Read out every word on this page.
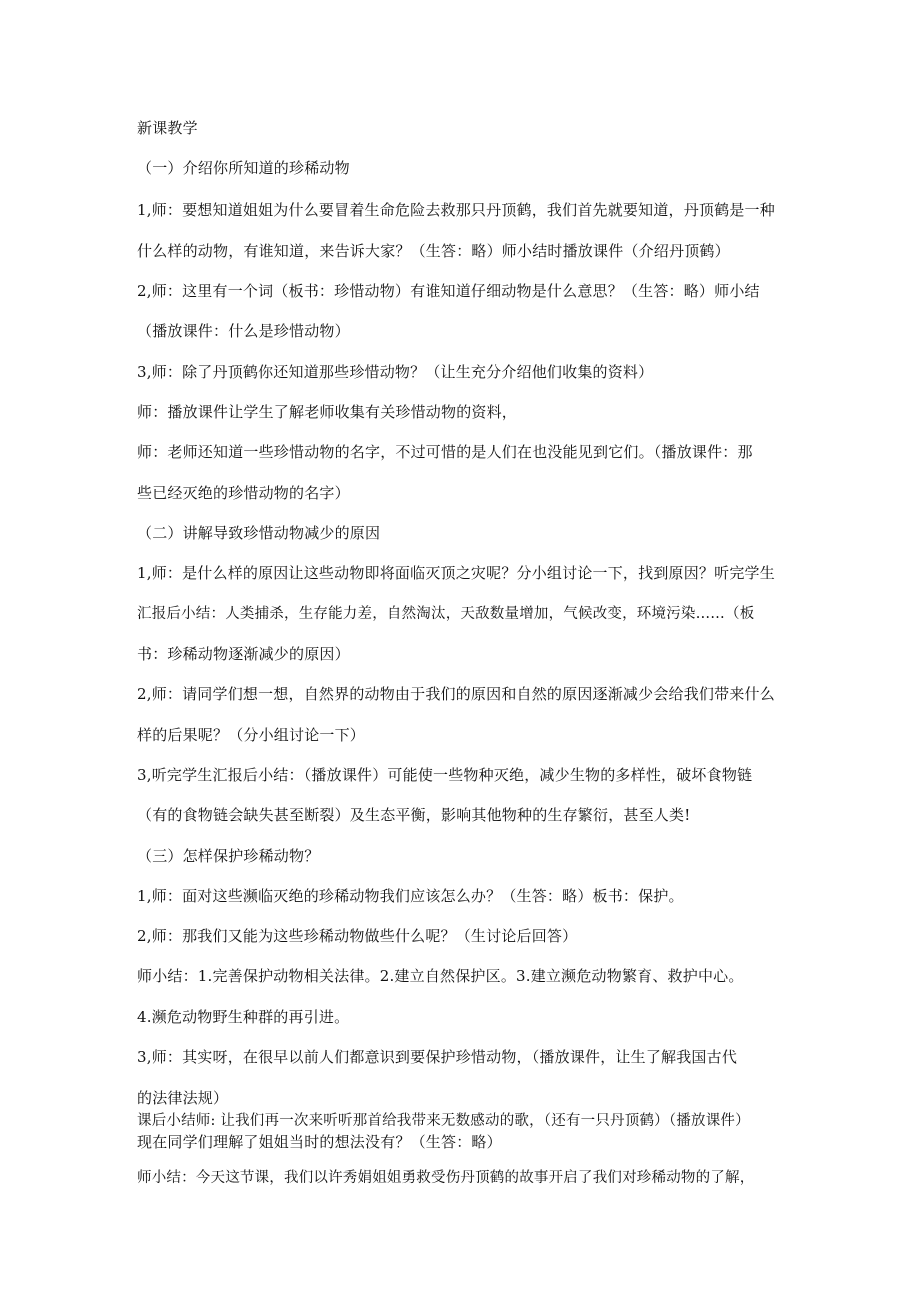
新课教学
（一）介绍你所知道的珍稀动物
1,师：要想知道姐姐为什么要冒着生命危险去救那只丹顶鹤，我们首先就要知道，丹顶鹤是一种
什么样的动物，有谁知道，来告诉大家？（生答：略）师小结时播放课件（介绍丹顶鹤）
2,师：这里有一个词（板书：珍惜动物）有谁知道仔细动物是什么意思？（生答：略）师小结
（播放课件：什么是珍惜动物）
3,师：除了丹顶鹤你还知道那些珍惜动物？（让生充分介绍他们收集的资料）
师：播放课件让学生了解老师收集有关珍惜动物的资料，
师：老师还知道一些珍惜动物的名字，不过可惜的是人们在也没能见到它们。（播放课件：那
些已经灭绝的珍惜动物的名字）
（二）讲解导致珍惜动物减少的原因
1,师：是什么样的原因让这些动物即将面临灭顶之灾呢？分小组讨论一下，找到原因？听完学生
汇报后小结：人类捕杀，生存能力差，自然淘汰，天敌数量增加，气候改变，环境污染……（板
书：珍稀动物逐渐减少的原因）
2,师：请同学们想一想，自然界的动物由于我们的原因和自然的原因逐渐减少会给我们带来什么
样的后果呢？（分小组讨论一下）
3,听完学生汇报后小结：（播放课件）可能使一些物种灭绝，减少生物的多样性，破坏食物链
（有的食物链会缺失甚至断裂）及生态平衡，影响其他物种的生存繁衍，甚至人类!
（三）怎样保护珍稀动物？
1,师：面对这些濒临灭绝的珍稀动物我们应该怎么办？（生答：略）板书：保护。
2,师：那我们又能为这些珍稀动物做些什么呢？（生讨论后回答）
师小结：1.完善保护动物相关法律。2.建立自然保护区。3.建立濒危动物繁育、救护中心。
4.濒危动物野生种群的再引进。
3,师：其实呀，在很早以前人们都意识到要保护珍惜动物，（播放课件，让生了解我国古代
的法律法规）
课后小结师: 让我们再一次来听听那首给我带来无数感动的歌，（还有一只丹顶鹤）（播放课件）
现在同学们理解了姐姐当时的想法没有？（生答：略）
师小结：今天这节课，我们以许秀娟姐姐勇救受伤丹顶鹤的故事开启了我们对珍稀动物的了解，
